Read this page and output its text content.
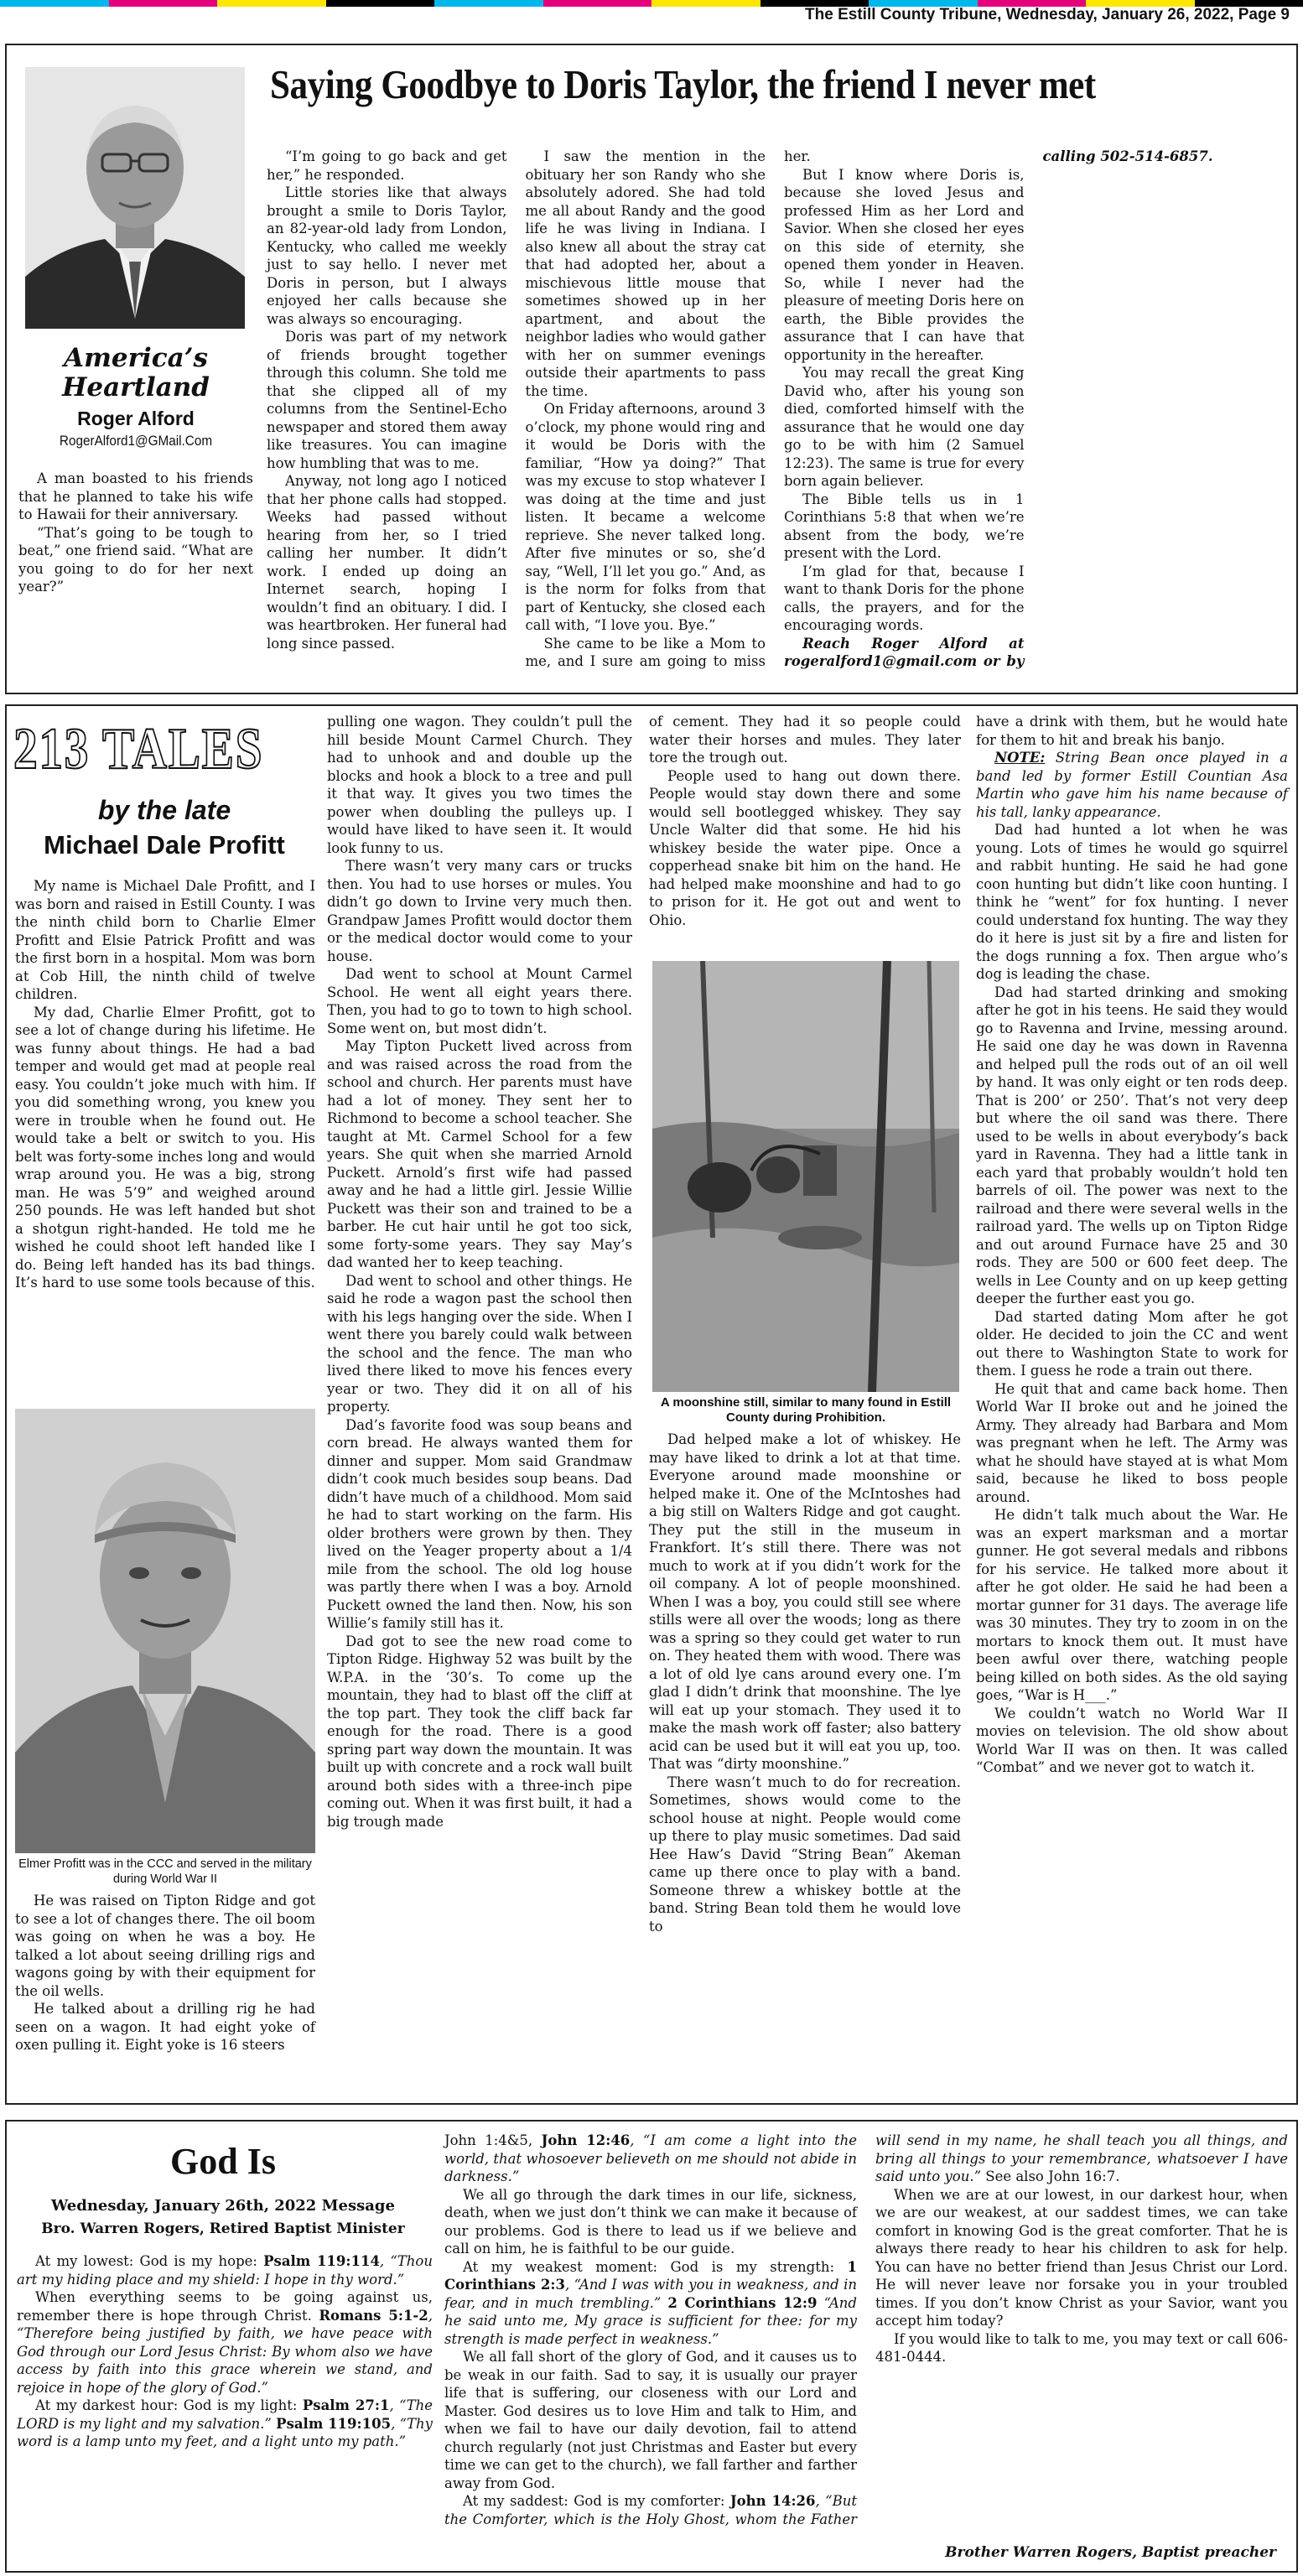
The Estill County Tribune, Wednesday, January 26, 2022, Page 9
Saying Goodbye to Doris Taylor, the friend I never met
America’s
Heartland
Roger Alford
RogerAlford1@GMail.Com

A man boasted to his friends that he planned to take his wife to Hawaii for their anniversary.

“That’s going to be tough to beat,” one friend said. “What are you going to do for her next year?”

“I’m going to go back and get her,” he responded.

Little stories like that always brought a smile to Doris Taylor, an 82-year-old lady from London, Kentucky, who called me weekly just to say hello. I never met Doris in person, but I always enjoyed her calls because she was always so encouraging.

Doris was part of my network of friends brought together through this column. She told me that she clipped all of my columns from the Sentinel-Echo newspaper and stored them away like treasures. You can imagine how humbling that was to me.

Anyway, not long ago I noticed that her phone calls had stopped. Weeks had passed without hearing from her, so I tried calling her number. It didn’t work. I ended up doing an Internet search, hoping I wouldn’t find an obituary. I did. I was heartbroken. Her funeral had long since passed.

I saw the mention in the obituary her son Randy who she absolutely adored. She had told me all about Randy and the good life he was living in Indiana. I also knew all about the stray cat that had adopted her, about a mischievous little mouse that sometimes showed up in her apartment, and about the neighbor ladies who would gather with her on summer evenings outside their apartments to pass the time.

On Friday afternoons, around 3 o’clock, my phone would ring and it would be Doris with the familiar, “How ya doing?” That was my excuse to stop whatever I was doing at the time and just listen. It became a welcome reprieve. She never talked long. After five minutes or so, she’d say, “Well, I’ll let you go.” And, as is the norm for folks from that part of Kentucky, she closed each call with, “I love you. Bye.”

She came to be like a Mom to me, and I sure am going to miss her.

But I know where Doris is, because she loved Jesus and professed Him as her Lord and Savior. When she closed her eyes on this side of eternity, she opened them yonder in Heaven. So, while I never had the pleasure of meeting Doris here on earth, the Bible provides the assurance that I can have that opportunity in the hereafter.

You may recall the great King David who, after his young son died, comforted himself with the assurance that he would one day go to be with him (2 Samuel 12:23). The same is true for every born again believer.

The Bible tells us in 1 Corinthians 5:8 that when we’re absent from the body, we’re present with the Lord.

I’m glad for that, because I want to thank Doris for the phone calls, the prayers, and for the encouraging words.

Reach Roger Alford at rogeralford1@gmail.com or by calling 502-514-6857.

213 TALES
by the late
Michael Dale Profitt

My name is Michael Dale Profitt, and I was born and raised in Estill County. I was the ninth child born to Charlie Elmer Profitt and Elsie Patrick Profitt and was the first born in a hospital. Mom was born at Cob Hill, the ninth child of twelve children.

My dad, Charlie Elmer Profitt, got to see a lot of change during his lifetime. He was funny about things. He had a bad temper and would get mad at people real easy. You couldn’t joke much with him. If you did something wrong, you knew you were in trouble when he found out. He would take a belt or switch to you. His belt was forty-some inches long and would wrap around you. He was a big, strong man. He was 5’9” and weighed around 250 pounds. He was left handed but shot a shotgun right-handed. He told me he wished he could shoot left handed like I do. Being left handed has its bad things. It’s hard to use some tools because of this.

Elmer Profitt was in the CCC and served in the military during World War II

He was raised on Tipton Ridge and got to see a lot of changes there. The oil boom was going on when he was a boy. He talked a lot about seeing drilling rigs and wagons going by with their equipment for the oil wells.

He talked about a drilling rig he had seen on a wagon. It had eight yoke of oxen pulling it. Eight yoke is 16 steers

pulling one wagon. They couldn’t pull the hill beside Mount Carmel Church. They had to unhook and and double up the blocks and hook a block to a tree and pull it that way. It gives you two times the power when doubling the pulleys up. I would have liked to have seen it. It would look funny to us.

There wasn’t very many cars or trucks then. You had to use horses or mules. You didn’t go down to Irvine very much then. Grandpaw James Profitt would doctor them or the medical doctor would come to your house.

Dad went to school at Mount Carmel School. He went all eight years there. Then, you had to go to town to high school. Some went on, but most didn’t.

May Tipton Puckett lived across from and was raised across the road from the school and church. Her parents must have had a lot of money. They sent her to Richmond to become a school teacher. She taught at Mt. Carmel School for a few years. She quit when she married Arnold Puckett. Arnold’s first wife had passed away and he had a little girl. Jessie Willie Puckett was their son and trained to be a barber. He cut hair until he got too sick, some forty-some years. They say May’s dad wanted her to keep teaching.

Dad went to school and other things. He said he rode a wagon past the school then with his legs hanging over the side. When I went there you barely could walk between the school and the fence. The man who lived there liked to move his fences every year or two. They did it on all of his property.

Dad’s favorite food was soup beans and corn bread. He always wanted them for dinner and supper. Mom said Grandmaw didn’t cook much besides soup beans. Dad didn’t have much of a childhood. Mom said he had to start working on the farm. His older brothers were grown by then. They lived on the Yeager property about a 1/4 mile from the school. The old log house was partly there when I was a boy. Arnold Puckett owned the land then. Now, his son Willie’s family still has it.

Dad got to see the new road come to Tipton Ridge. Highway 52 was built by the W.P.A. in the ‘30’s. To come up the mountain, they had to blast off the cliff at the top part. They took the cliff back far enough for the road. There is a good spring part way down the mountain. It was built up with concrete and a rock wall built around both sides with a three-inch pipe coming out. When it was first built, it had a big trough made

of cement. They had it so people could water their horses and mules. They later tore the trough out.

People used to hang out down there. People would stay down there and some would sell bootlegged whiskey. They say Uncle Walter did that some. He hid his whiskey beside the water pipe. Once a copperhead snake bit him on the hand. He had helped make moonshine and had to go to prison for it. He got out and went to Ohio.

A moonshine still, similar to many found in Estill County during Prohibition.

Dad helped make a lot of whiskey. He may have liked to drink a lot at that time. Everyone around made moonshine or helped make it. One of the McIntoshes had a big still on Walters Ridge and got caught. They put the still in the museum in Frankfort. It’s still there. There was not much to work at if you didn’t work for the oil company. A lot of people moonshined. When I was a boy, you could still see where stills were all over the woods; long as there was a spring so they could get water to run on. They heated them with wood. There was a lot of old lye cans around every one. I’m glad I didn’t drink that moonshine. The lye will eat up your stomach. They used it to make the mash work off faster; also battery acid can be used but it will eat you up, too. That was “dirty moonshine.”

There wasn’t much to do for recreation. Sometimes, shows would come to the school house at night. People would come up there to play music sometimes. Dad said Hee Haw’s David “String Bean” Akeman came up there once to play with a band. Someone threw a whiskey bottle at the band. String Bean told them he would love to

have a drink with them, but he would hate for them to hit and break his banjo.

NOTE: String Bean once played in a band led by former Estill Countian Asa Martin who gave him his name because of his tall, lanky appearance.

Dad had hunted a lot when he was young. Lots of times he would go squirrel and rabbit hunting. He said he had gone coon hunting but didn’t like coon hunting. I think he “went” for fox hunting. I never could understand fox hunting. The way they do it here is just sit by a fire and listen for the dogs running a fox. Then argue who’s dog is leading the chase.

Dad had started drinking and smoking after he got in his teens. He said they would go to Ravenna and Irvine, messing around. He said one day he was down in Ravenna and helped pull the rods out of an oil well by hand. It was only eight or ten rods deep. That is 200’ or 250’. That’s not very deep but where the oil sand was there. There used to be wells in about everybody’s back yard in Ravenna. They had a little tank in each yard that probably wouldn’t hold ten barrels of oil. The power was next to the railroad and there were several wells in the railroad yard. The wells up on Tipton Ridge and out around Furnace have 25 and 30 rods. They are 500 or 600 feet deep. The wells in Lee County and on up keep getting deeper the further east you go.

Dad started dating Mom after he got older. He decided to join the CC and went out there to Washington State to work for them. I guess he rode a train out there.

He quit that and came back home. Then World War II broke out and he joined the Army. They already had Barbara and Mom was pregnant when he left. The Army was what he should have stayed at is what Mom said, because he liked to boss people around.

He didn’t talk much about the War. He was an expert marksman and a mortar gunner. He got several medals and ribbons for his service. He talked more about it after he got older. He said he had been a mortar gunner for 31 days. The average life was 30 minutes. They try to zoom in on the mortars to knock them out. It must have been awful over there, watching people being killed on both sides. As the old saying goes, “War is H___.”

We couldn’t watch no World War II movies on television. The old show about World War II was on then. It was called “Combat” and we never got to watch it.

God Is
Wednesday, January 26th, 2022 Message
Bro. Warren Rogers, Retired Baptist Minister

At my lowest: God is my hope: Psalm 119:114, “Thou art my hiding place and my shield: I hope in thy word.”

When everything seems to be going against us, remember there is hope through Christ. Romans 5:1-2, “Therefore being justified by faith, we have peace with God through our Lord Jesus Christ: By whom also we have access by faith into this grace wherein we stand, and rejoice in hope of the glory of God.”

At my darkest hour: God is my light: Psalm 27:1, “The LORD is my light and my salvation.” Psalm 119:105, “Thy word is a lamp unto my feet, and a light unto my path.”

John 1:4&5, John 12:46, “I am come a light into the world, that whosoever believeth on me should not abide in darkness.”

We all go through the dark times in our life, sickness, death, when we just don’t think we can make it because of our problems. God is there to lead us if we believe and call on him, he is faithful to be our guide.

At my weakest moment: God is my strength: 1 Corinthians 2:3, “And I was with you in weakness, and in fear, and in much trembling.” 2 Corinthians 12:9 “And he said unto me, My grace is sufficient for thee: for my strength is made perfect in weakness.”

We all fall short of the glory of God, and it causes us to be weak in our faith. Sad to say, it is usually our prayer life that is suffering, our closeness with our Lord and Master. God desires us to love Him and talk to Him, and when we fail to have our daily devotion, fail to attend church regularly (not just Christmas and Easter but every time we can get to the church), we fall farther and farther away from God.

At my saddest: God is my comforter: John 14:26, “But the Comforter, which is the Holy Ghost, whom the Father will send in my name, he shall teach you all things, and bring all things to your remembrance, whatsoever I have said unto you.” See also John 16:7.

When we are at our lowest, in our darkest hour, when we are our weakest, at our saddest times, we can take comfort in knowing God is the great comforter. That he is always there ready to hear his children to ask for help. You can have no better friend than Jesus Christ our Lord. He will never leave nor forsake you in your troubled times. If you don’t know Christ as your Savior, want you accept him today?

If you would like to talk to me, you may text or call 606-481-0444.

Brother Warren Rogers, Baptist preacher
